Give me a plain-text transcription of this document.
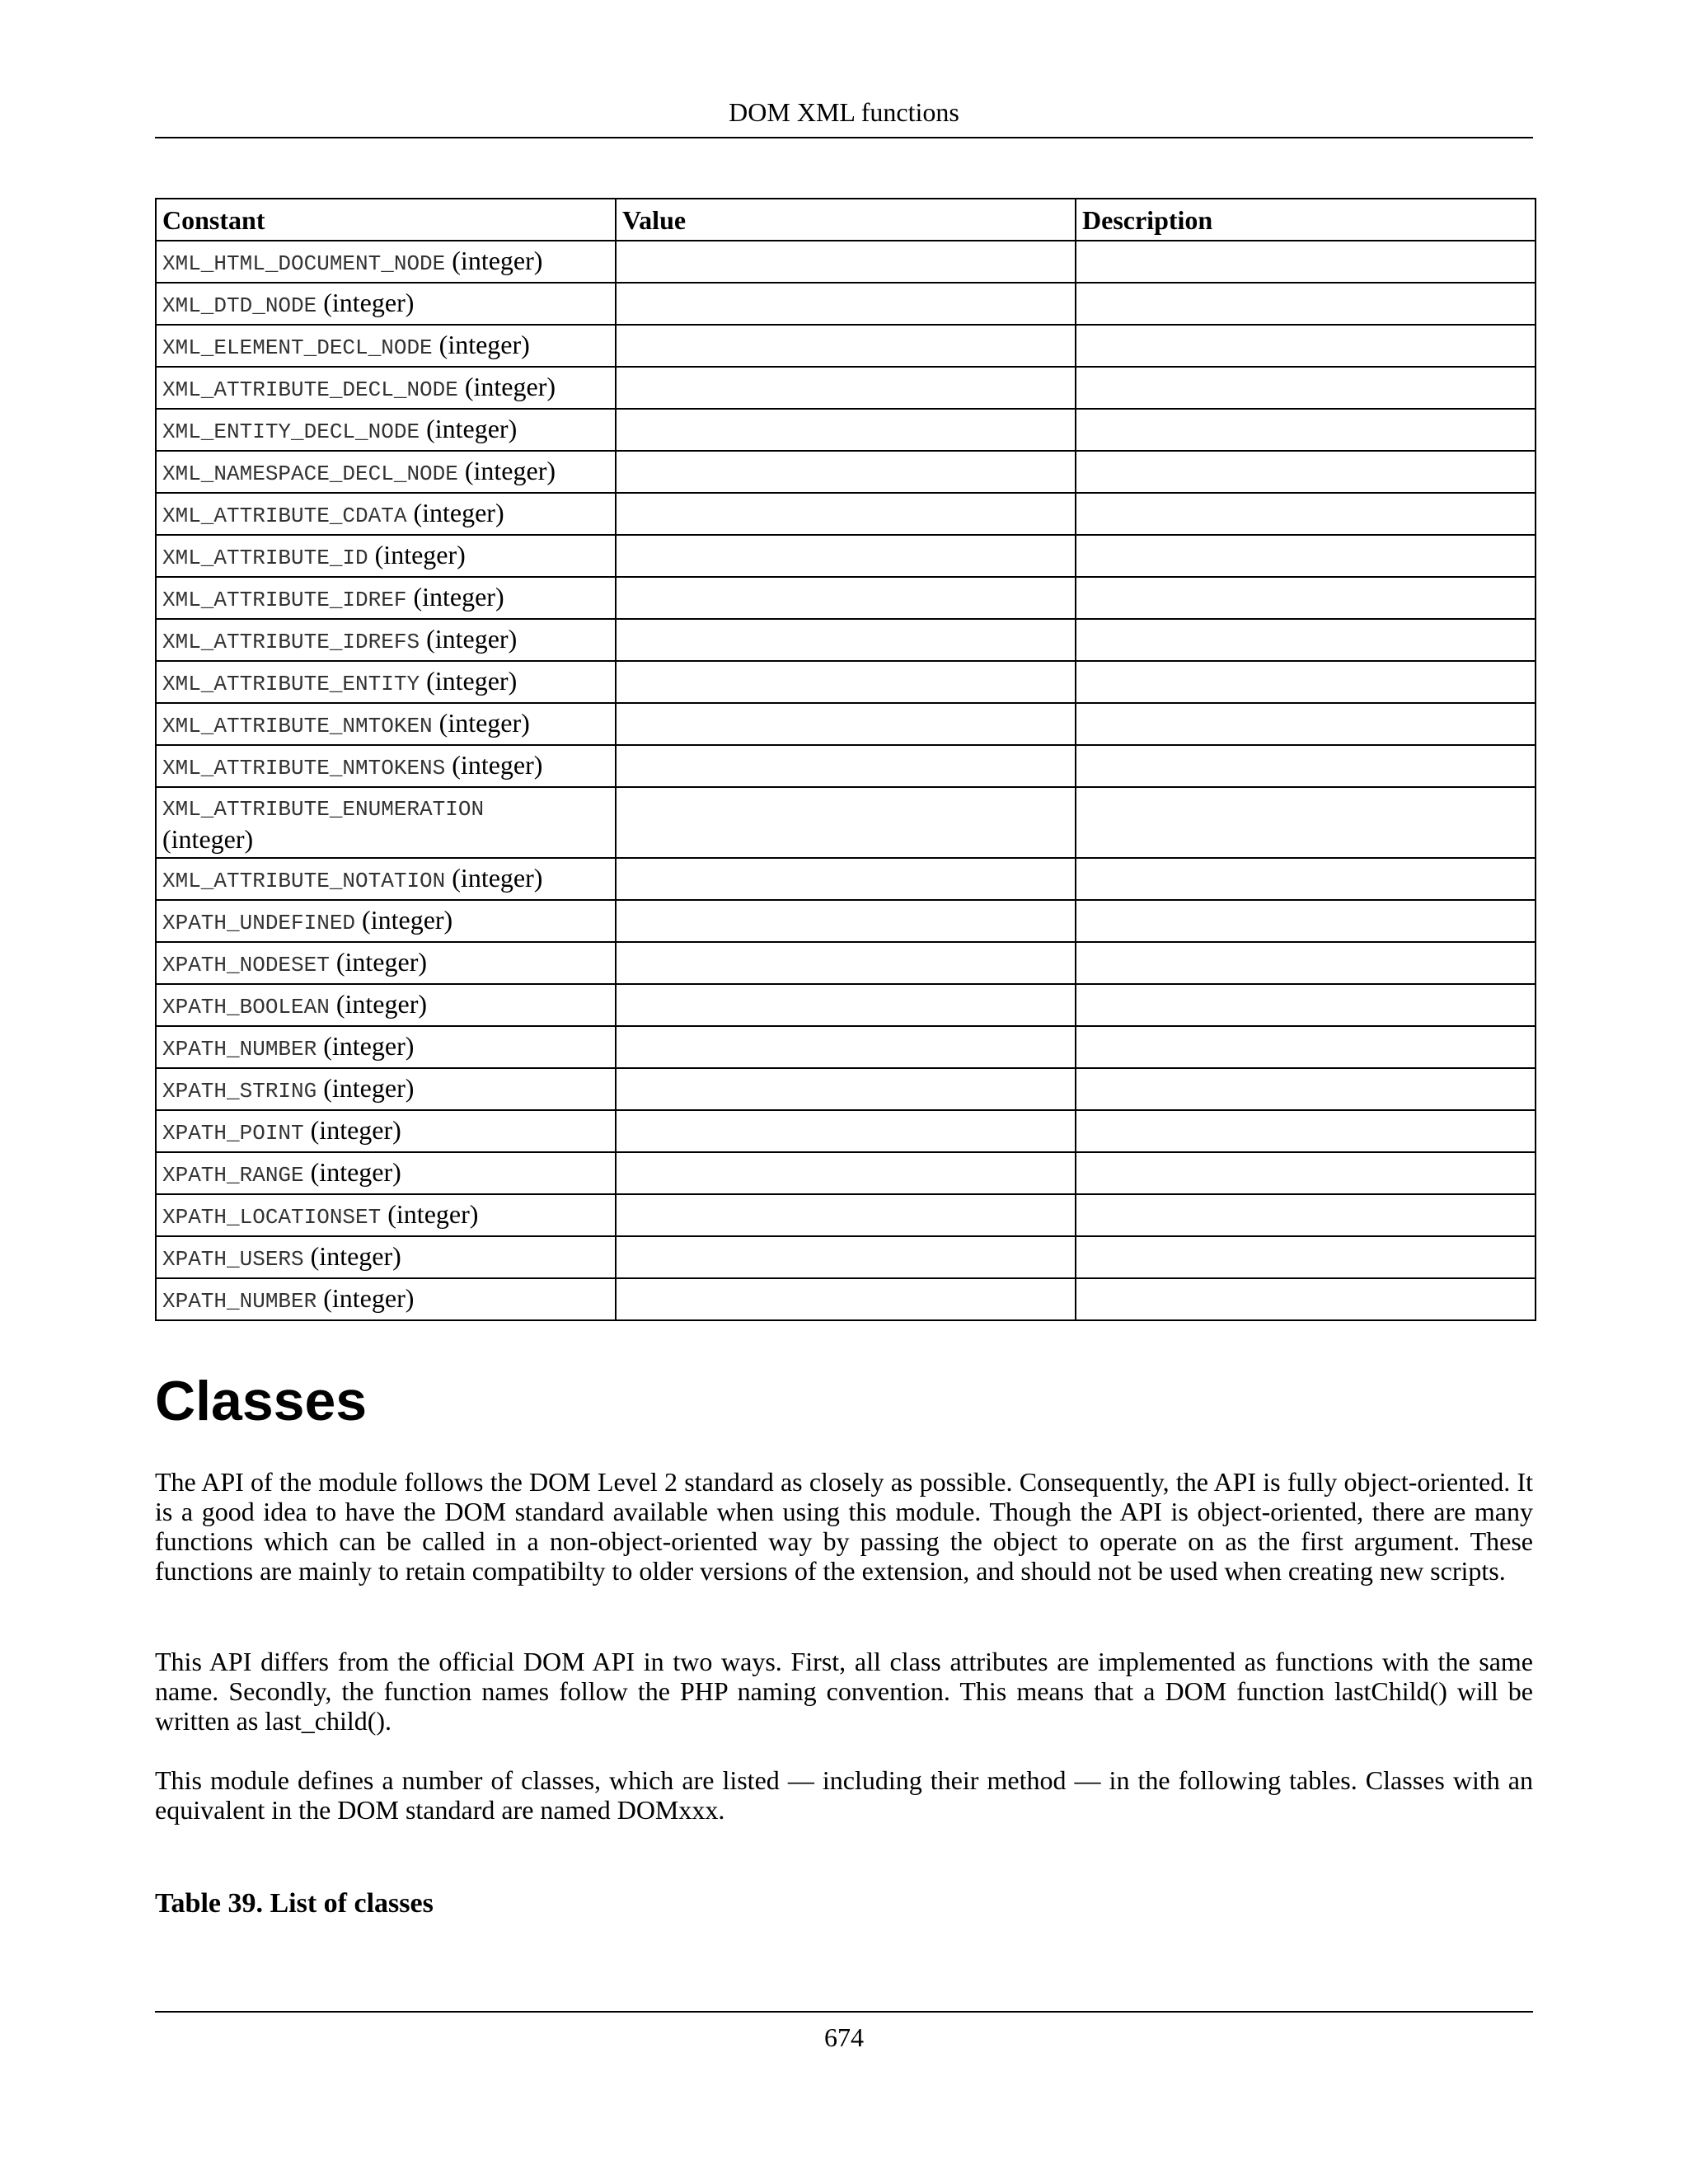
DOM XML functions
Constant	Value	Description
XML_HTML_DOCUMENT_NODE (integer)		
XML_DTD_NODE (integer)		
XML_ELEMENT_DECL_NODE (integer)		
XML_ATTRIBUTE_DECL_NODE (integer)		
XML_ENTITY_DECL_NODE (integer)		
XML_NAMESPACE_DECL_NODE (integer)		
XML_ATTRIBUTE_CDATA (integer)		
XML_ATTRIBUTE_ID (integer)		
XML_ATTRIBUTE_IDREF (integer)		
XML_ATTRIBUTE_IDREFS (integer)		
XML_ATTRIBUTE_ENTITY (integer)		
XML_ATTRIBUTE_NMTOKEN (integer)		
XML_ATTRIBUTE_NMTOKENS (integer)		
XML_ATTRIBUTE_ENUMERATION
(integer)		
XML_ATTRIBUTE_NOTATION (integer)		
XPATH_UNDEFINED (integer)		
XPATH_NODESET (integer)		
XPATH_BOOLEAN (integer)		
XPATH_NUMBER (integer)		
XPATH_STRING (integer)		
XPATH_POINT (integer)		
XPATH_RANGE (integer)		
XPATH_LOCATIONSET (integer)		
XPATH_USERS (integer)		
XPATH_NUMBER (integer)		
Classes

The API of the module follows the DOM Level 2 standard as closely as possible. Consequently, the API is fully object-oriented. It is a good idea to have the DOM standard available when using this module. Though the API is object-oriented, there are many functions which can be called in a non-object-oriented way by passing the object to operate on as the first argument. These functions are mainly to retain compatibilty to older versions of the extension, and should not be used when creating new scripts.

This API differs from the official DOM API in two ways. First, all class attributes are implemented as functions with the same name. Secondly, the function names follow the PHP naming convention. This means that a DOM function lastChild() will be written as last_child().

This module defines a number of classes, which are listed — including their method — in the following tables. Classes with an equivalent in the DOM standard are named DOMxxx.

Table 39. List of classes
674
